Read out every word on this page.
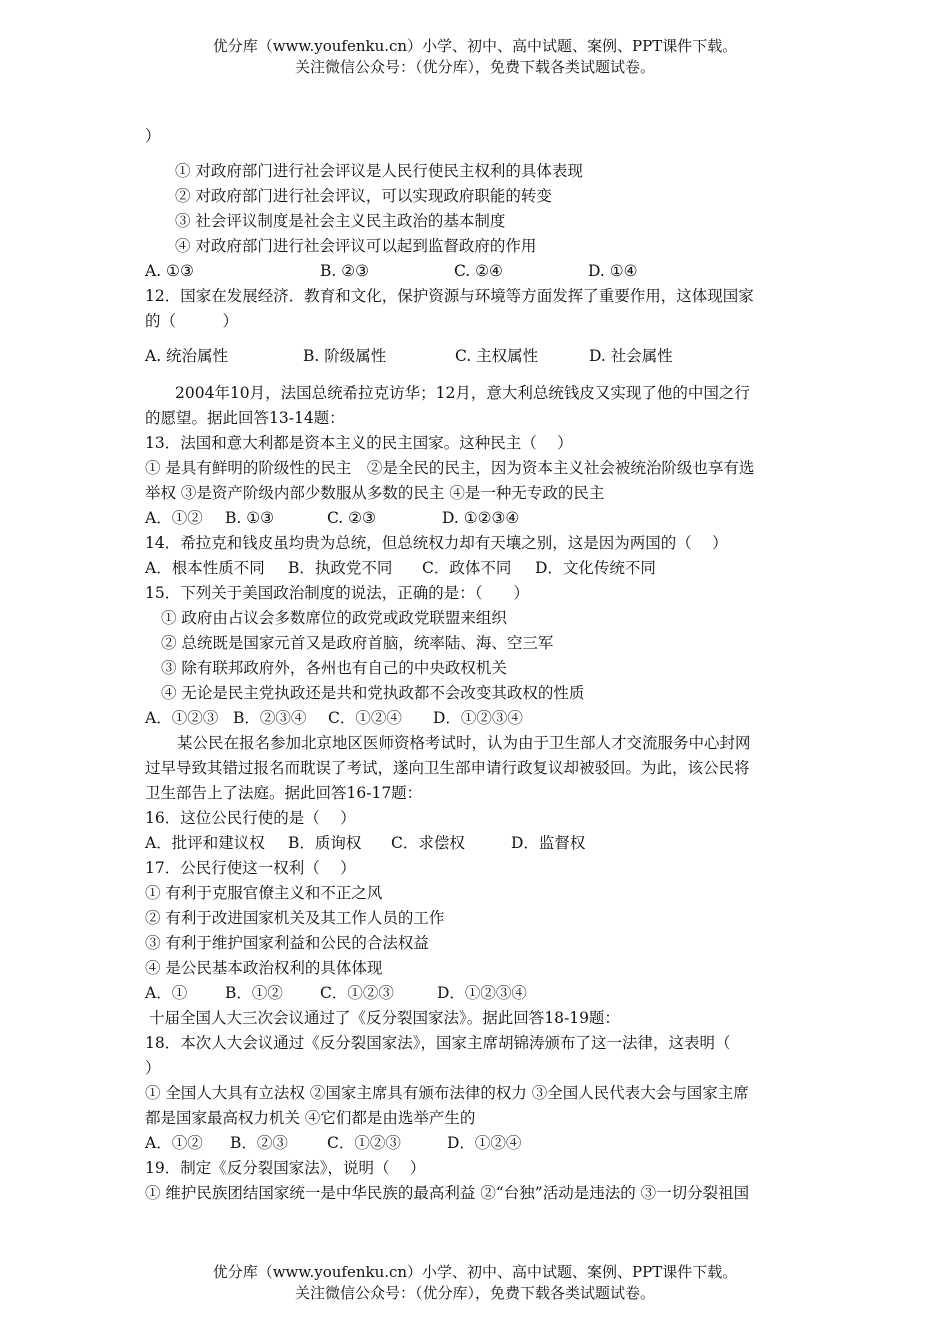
优分库（www.youfenku.cn）小学、初中、高中试题、案例、PPT课件下载。
关注微信公众号：（优分库），免费下载各类试题试卷。
）
① 对政府部门进行社会评议是人民行使民主权利的具体表现
② 对政府部门进行社会评议，可以实现政府职能的转变
③ 社会评议制度是社会主义民主政治的基本制度
④ 对政府部门进行社会评议可以起到监督政府的作用
A. ①③	B. ②③	C. ②④	D. ①④
12．国家在发展经济．教育和文化，保护资源与环境等方面发挥了重要作用，这体现国家
的（　　　）
A. 统治属性	B. 阶级属性	C. 主权属性	D. 社会属性
2004年10月，法国总统希拉克访华；12月，意大利总统钱皮又实现了他的中国之行
的愿望。据此回答13-14题：
13．法国和意大利都是资本主义的民主国家。这种民主（　 ）
① 是具有鲜明的阶级性的民主　②是全民的民主，因为资本主义社会被统治阶级也享有选
举权 ③是资产阶级内部少数服从多数的民主 ④是一种无专政的民主
A．①② B. ①③	C. ②③	D. ①②③④
14．希拉克和钱皮虽均贵为总统，但总统权力却有天壤之别，这是因为两国的（　 ）
A．根本性质不同 B．执政党不同 C．政体不同 D．文化传统不同
15．下列关于美国政治制度的说法，正确的是：（　　）
① 政府由占议会多数席位的政党或政党联盟来组织
② 总统既是国家元首又是政府首脑，统率陆、海、空三军
③ 除有联邦政府外，各州也有自己的中央政权机关
④ 无论是民主党执政还是共和党执政都不会改变其政权的性质
A．①②③ B．②③④ C．①②④ D．①②③④
某公民在报名参加北京地区医师资格考试时，认为由于卫生部人才交流服务中心封网
过早导致其错过报名而耽误了考试，遂向卫生部申请行政复议却被驳回。为此，该公民将
卫生部告上了法庭。据此回答16-17题：
16．这位公民行使的是（　 ）
A．批评和建议权 B．质询权 C．求偿权	D．监督权
17．公民行使这一权利（　 ）
① 有利于克服官僚主义和不正之风
② 有利于改进国家机关及其工作人员的工作
③ 有利于维护国家利益和公民的合法权益
④ 是公民基本政治权利的具体体现
A．① B．①② C．①②③	D．①②③④
十届全国人大三次会议通过了《反分裂国家法》。据此回答18-19题：
18．本次人大会议通过《反分裂国家法》，国家主席胡锦涛颁布了这一法律，这表明（
）
① 全国人大具有立法权 ②国家主席具有颁布法律的权力 ③全国人民代表大会与国家主席
都是国家最高权力机关 ④它们都是由选举产生的
A．①② B．②③	C．①②③	D．①②④
19．制定《反分裂国家法》，说明（　 ）
① 维护民族团结国家统一是中华民族的最高利益 ②“台独”活动是违法的 ③一切分裂祖国
优分库（www.youfenku.cn）小学、初中、高中试题、案例、PPT课件下载。
关注微信公众号：（优分库），免费下载各类试题试卷。
